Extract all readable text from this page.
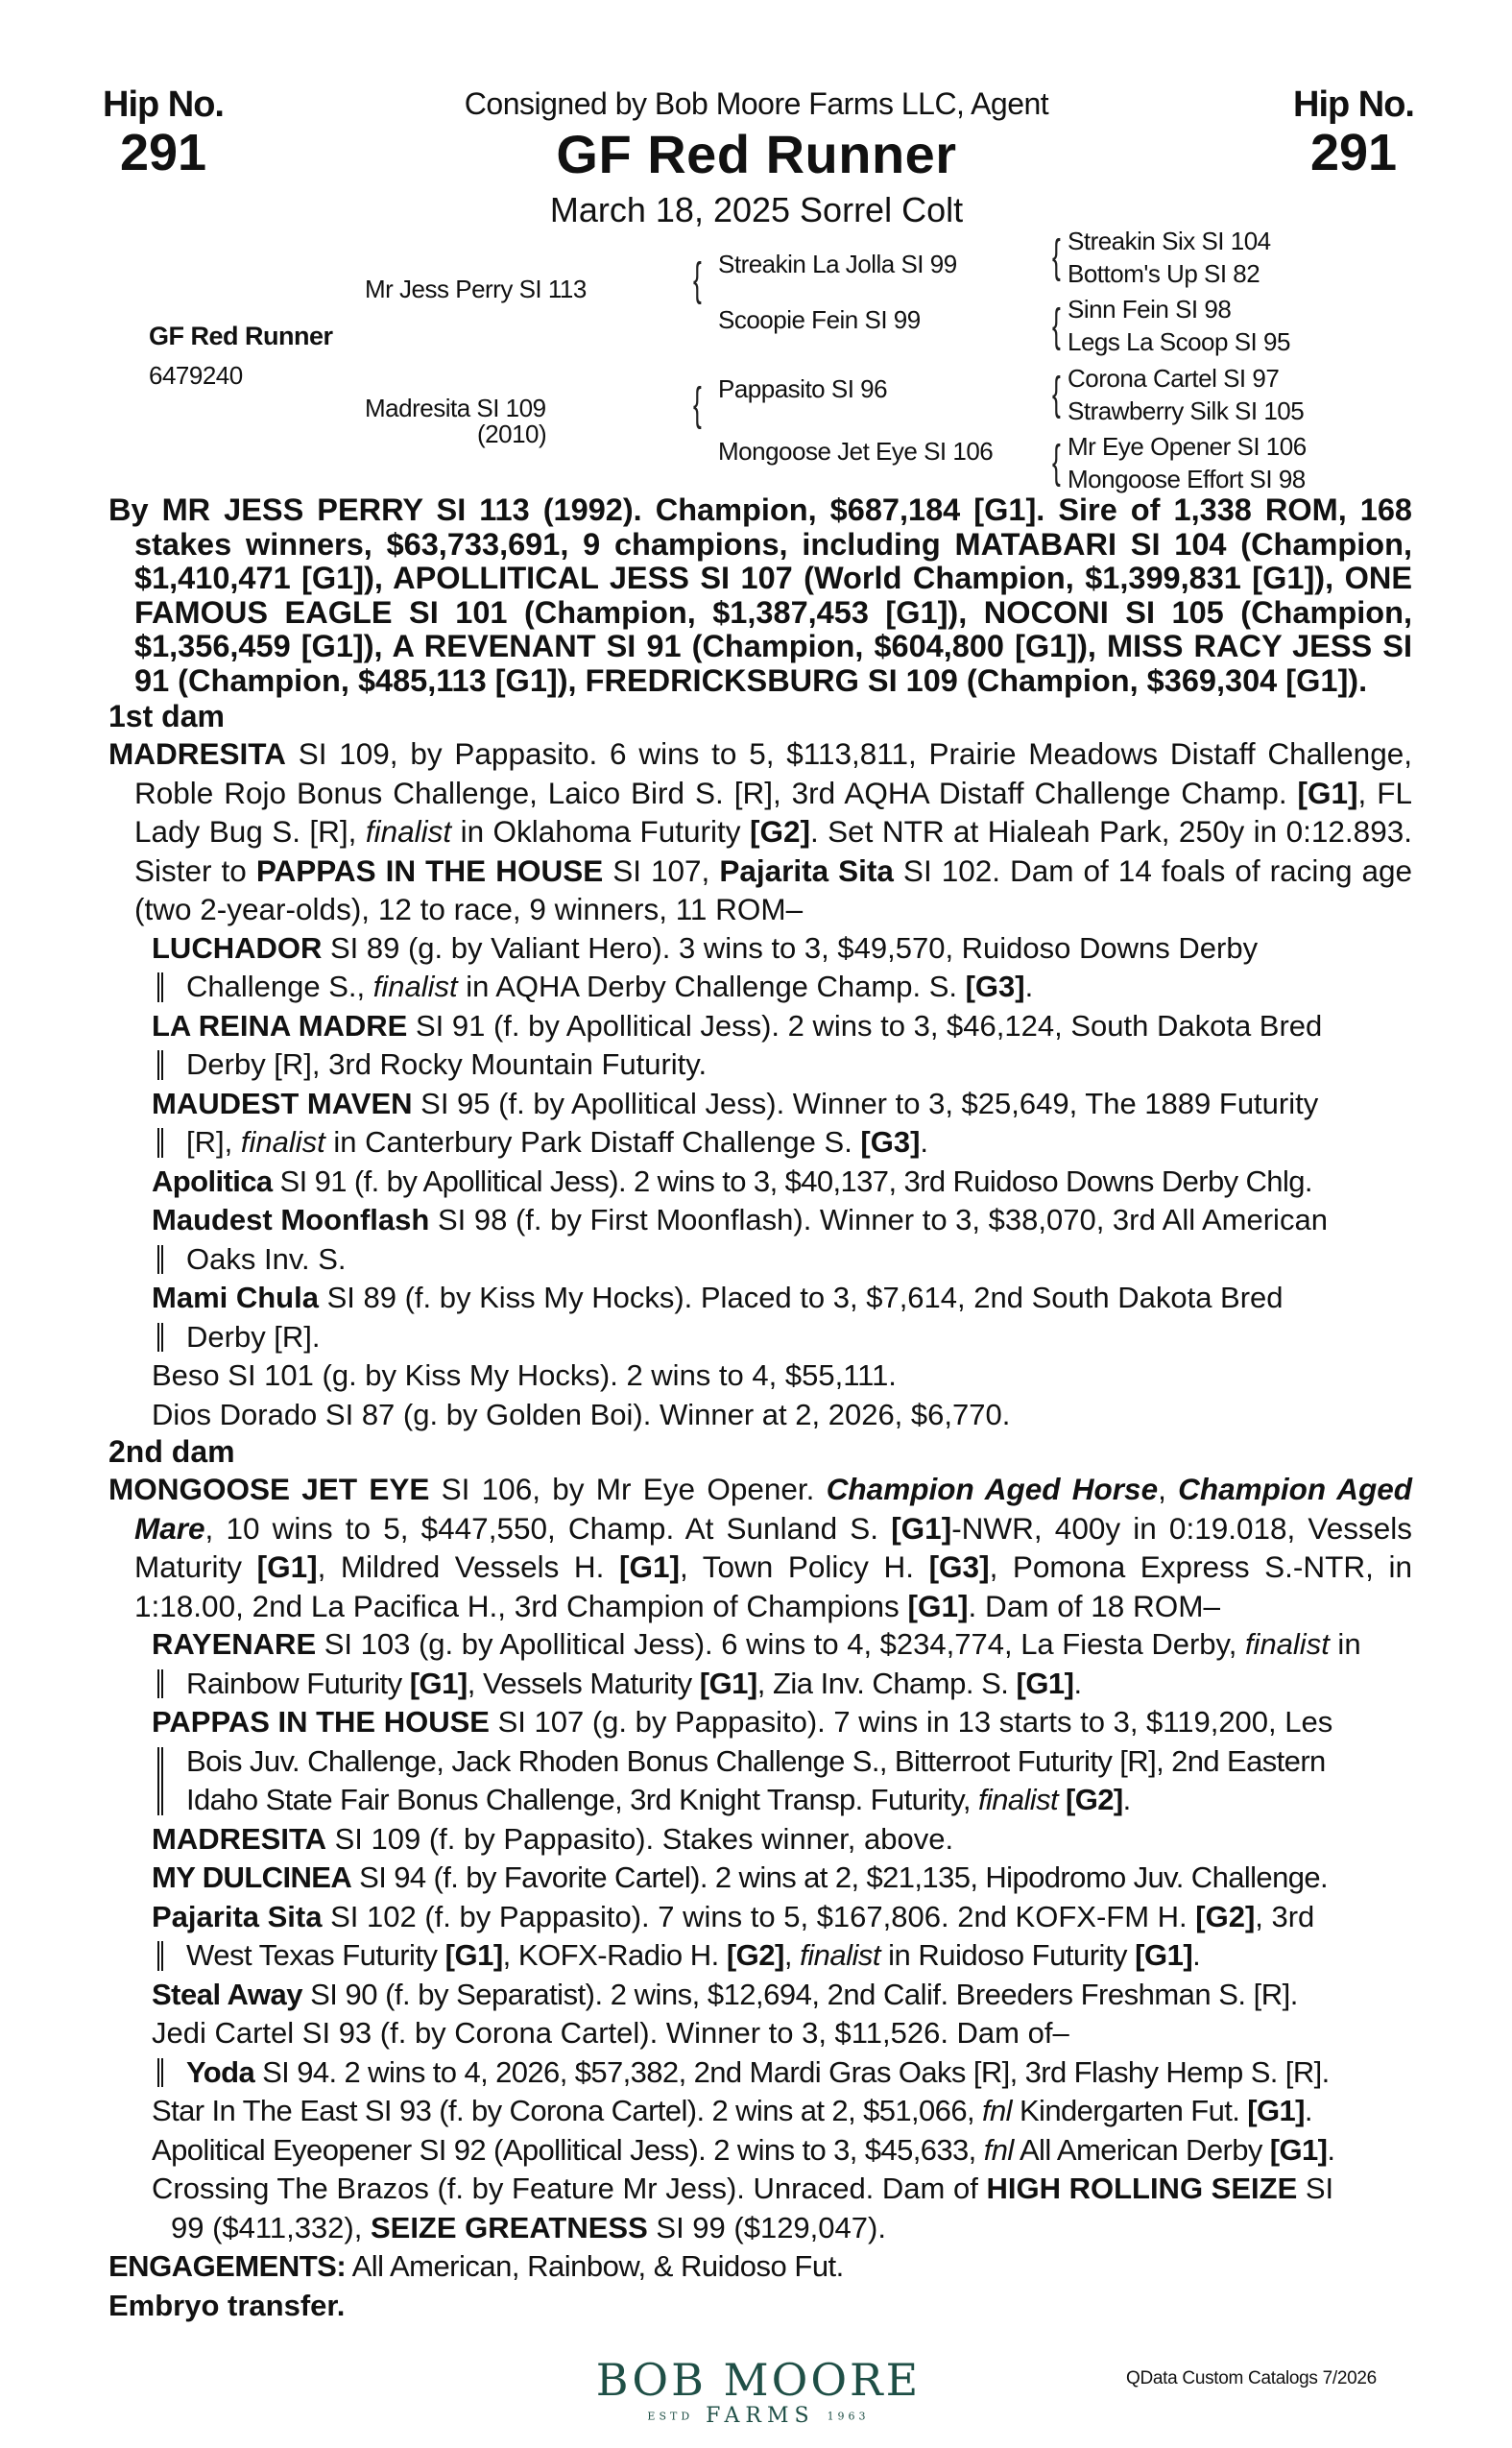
Hip No.
291
Hip No.
291
Consigned by Bob Moore Farms LLC, Agent
GF Red Runner
March 18, 2025 Sorrel Colt
GF Red Runner
6479240
Mr Jess Perry SI 113
Madresita SI 109
(2010)
{ Streakin La Jolla SI 99
Scoopie Fein SI 99
{ Pappasito SI 96
Mongoose Jet Eye SI 106
{ Streakin Six SI 104
Bottom's Up SI 82
{ Sinn Fein SI 98
Legs La Scoop SI 95
{ Corona Cartel SI 97
Strawberry Silk SI 105
{ Mr Eye Opener SI 106
Mongoose Effort SI 98
By MR JESS PERRY SI 113 (1992). Champion, $687,184 [G1]. Sire of 1,338 ROM, 168 stakes winners, $63,733,691, 9 champions, including MATABARI SI 104 (Champion, $1,410,471 [G1]), APOLLITICAL JESS SI 107 (World Champion, $1,399,831 [G1]), ONE FAMOUS EAGLE SI 101 (Champion, $1,387,453 [G1]), NOCONI SI 105 (Champion, $1,356,459 [G1]), A REVENANT SI 91 (Champion, $604,800 [G1]), MISS RACY JESS SI 91 (Champion, $485,113 [G1]), FREDRICKSBURG SI 109 (Champion, $369,304 [G1]).
1st dam
MADRESITA SI 109, by Pappasito. 6 wins to 5, $113,811, Prairie Meadows Distaff Challenge, Roble Rojo Bonus Challenge, Laico Bird S. [R], 3rd AQHA Distaff Challenge Champ. [G1], FL Lady Bug S. [R], finalist in Oklahoma Futurity [G2]. Set NTR at Hialeah Park, 250y in 0:12.893. Sister to PAPPAS IN THE HOUSE SI 107, Pajarita Sita SI 102. Dam of 14 foals of racing age (two 2-year-olds), 12 to race, 9 winners, 11 ROM–
LUCHADOR SI 89 (g. by Valiant Hero). 3 wins to 3, $49,570, Ruidoso Downs Derby
Challenge S., finalist in AQHA Derby Challenge Champ. S. [G3].
LA REINA MADRE SI 91 (f. by Apollitical Jess). 2 wins to 3, $46,124, South Dakota Bred
Derby [R], 3rd Rocky Mountain Futurity.
MAUDEST MAVEN SI 95 (f. by Apollitical Jess). Winner to 3, $25,649, The 1889 Futurity
[R], finalist in Canterbury Park Distaff Challenge S. [G3].
Apolitica SI 91 (f. by Apollitical Jess). 2 wins to 3, $40,137, 3rd Ruidoso Downs Derby Chlg.
Maudest Moonflash SI 98 (f. by First Moonflash). Winner to 3, $38,070, 3rd All American
Oaks Inv. S.
Mami Chula SI 89 (f. by Kiss My Hocks). Placed to 3, $7,614, 2nd South Dakota Bred
Derby [R].
Beso SI 101 (g. by Kiss My Hocks). 2 wins to 4, $55,111.
Dios Dorado SI 87 (g. by Golden Boi). Winner at 2, 2026, $6,770.
2nd dam
MONGOOSE JET EYE SI 106, by Mr Eye Opener. Champion Aged Horse, Champion Aged Mare, 10 wins to 5, $447,550, Champ. At Sunland S. [G1]-NWR, 400y in 0:19.018, Vessels Maturity [G1], Mildred Vessels H. [G1], Town Policy H. [G3], Pomona Express S.-NTR, in 1:18.00, 2nd La Pacifica H., 3rd Champion of Champions [G1]. Dam of 18 ROM–
RAYENARE SI 103 (g. by Apollitical Jess). 6 wins to 4, $234,774, La Fiesta Derby, finalist in
Rainbow Futurity [G1], Vessels Maturity [G1], Zia Inv. Champ. S. [G1].
PAPPAS IN THE HOUSE SI 107 (g. by Pappasito). 7 wins in 13 starts to 3, $119,200, Les
Bois Juv. Challenge, Jack Rhoden Bonus Challenge S., Bitterroot Futurity [R], 2nd Eastern
Idaho State Fair Bonus Challenge, 3rd Knight Transp. Futurity, finalist [G2].
MADRESITA SI 109 (f. by Pappasito). Stakes winner, above.
MY DULCINEA SI 94 (f. by Favorite Cartel). 2 wins at 2, $21,135, Hipodromo Juv. Challenge.
Pajarita Sita SI 102 (f. by Pappasito). 7 wins to 5, $167,806. 2nd KOFX-FM H. [G2], 3rd
West Texas Futurity [G1], KOFX-Radio H. [G2], finalist in Ruidoso Futurity [G1].
Steal Away SI 90 (f. by Separatist). 2 wins, $12,694, 2nd Calif. Breeders Freshman S. [R].
Jedi Cartel SI 93 (f. by Corona Cartel). Winner to 3, $11,526. Dam of–
Yoda SI 94. 2 wins to 4, 2026, $57,382, 2nd Mardi Gras Oaks [R], 3rd Flashy Hemp S. [R].
Star In The East SI 93 (f. by Corona Cartel). 2 wins at 2, $51,066, fnl Kindergarten Fut. [G1].
Apolitical Eyeopener SI 92 (Apollitical Jess). 2 wins to 3, $45,633, fnl All American Derby [G1].
Crossing The Brazos (f. by Feature Mr Jess). Unraced. Dam of HIGH ROLLING SEIZE SI
99 ($411,332), SEIZE GREATNESS SI 99 ($129,047).
ENGAGEMENTS: All American, Rainbow, & Ruidoso Fut.
Embryo transfer.
BOB MOORE
ESTD FARMS 1963
QData Custom Catalogs 7/2026
